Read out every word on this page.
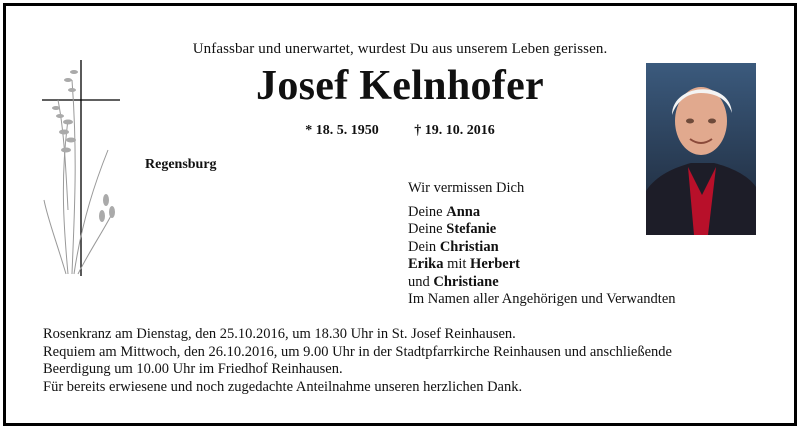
Unfassbar und unerwartet, wurdest Du aus unserem Leben gerissen.
Josef Kelnhofer
* 18. 5. 1950	† 19. 10. 2016
Regensburg
Wir vermissen Dich
Deine Anna
Deine Stefanie
Dein Christian
Erika mit Herbert
und Christiane
Im Namen aller Angehörigen und Verwandten
Rosenkranz am Dienstag, den 25.10.2016, um 18.30 Uhr in St. Josef Reinhausen.
Requiem am Mittwoch, den 26.10.2016, um 9.00 Uhr in der Stadtpfarrkirche Reinhausen und anschließende
Beerdigung um 10.00 Uhr im Friedhof Reinhausen.
Für bereits erwiesene und noch zugedachte Anteilnahme unseren herzlichen Dank.
